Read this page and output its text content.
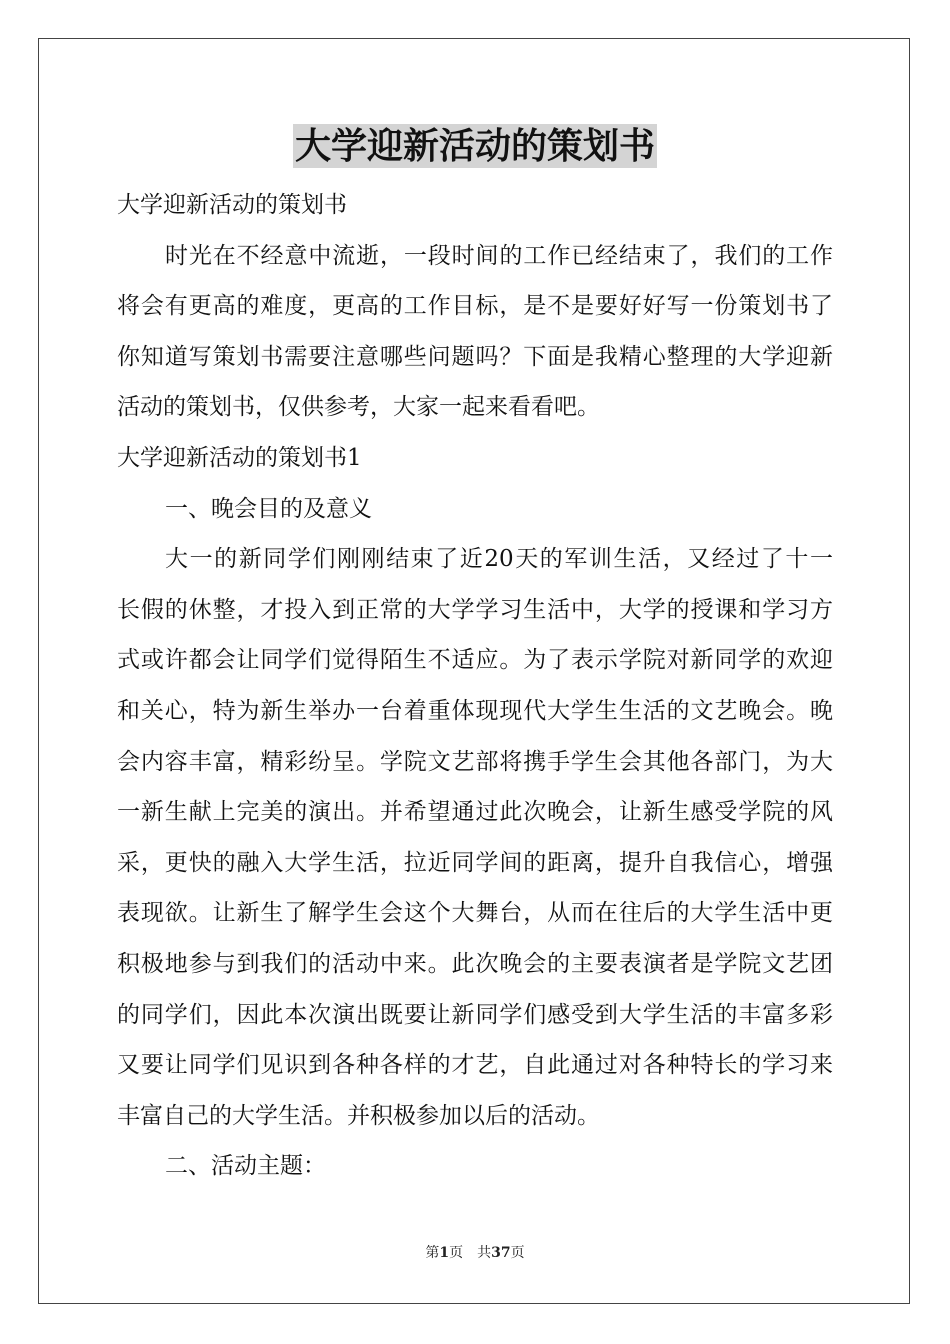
大学迎新活动的策划书

大学迎新活动的策划书

时光在不经意中流逝，一段时间的工作已经结束了，我们的工作

将会有更高的难度，更高的工作目标，是不是要好好写一份策划书了

你知道写策划书需要注意哪些问题吗？下面是我精心整理的大学迎新

活动的策划书，仅供参考，大家一起来看看吧。

大学迎新活动的策划书1

一、晚会目的及意义

大一的新同学们刚刚结束了近20天的军训生活，又经过了十一

长假的休整，才投入到正常的大学学习生活中，大学的授课和学习方

式或许都会让同学们觉得陌生不适应。为了表示学院对新同学的欢迎

和关心，特为新生举办一台着重体现现代大学生生活的文艺晚会。晚

会内容丰富，精彩纷呈。学院文艺部将携手学生会其他各部门，为大

一新生献上完美的演出。并希望通过此次晚会，让新生感受学院的风

采，更快的融入大学生活，拉近同学间的距离，提升自我信心，增强

表现欲。让新生了解学生会这个大舞台，从而在往后的大学生活中更

积极地参与到我们的活动中来。此次晚会的主要表演者是学院文艺团

的同学们，因此本次演出既要让新同学们感受到大学生活的丰富多彩

又要让同学们见识到各种各样的才艺，自此通过对各种特长的学习来

丰富自己的大学生活。并积极参加以后的活动。

二、活动主题：

第1页 共37页
